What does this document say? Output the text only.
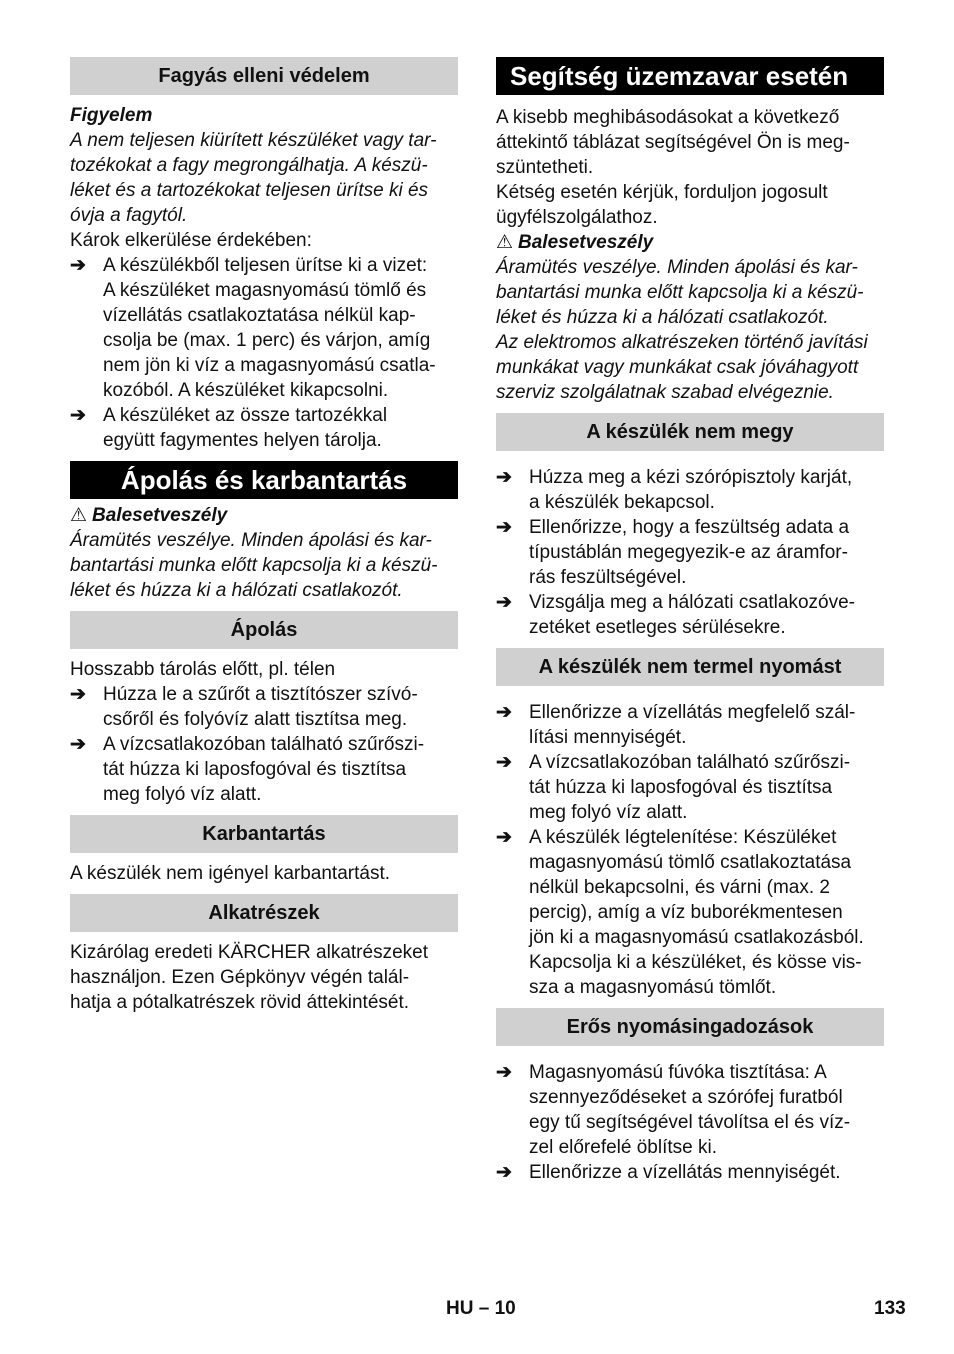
Fagyás elleni védelem

Figyelem

A nem teljesen kiürített készüléket vagy tar-

tozékokat a fagy megrongálhatja. A készü-

léket és a tartozékokat teljesen ürítse ki és

óvja a fagytól.

Károk elkerülése érdekében:

➔ A készülékből teljesen ürítse ki a vizet:
A készüléket magasnyomású tömlő és
vízellátás csatlakoztatása nélkül kap-
csolja be (max. 1 perc) és várjon, amíg
nem jön ki víz a magasnyomású csatla-
kozóból. A készüléket kikapcsolni.
➔ A készüléket az össze tartozékkal
együtt fagymentes helyen tárolja.
Ápolás és karbantartás

⚠ Balesetveszély

Áramütés veszélye. Minden ápolási és kar-

bantartási munka előtt kapcsolja ki a készü-

léket és húzza ki a hálózati csatlakozót.

Ápolás

Hosszabb tárolás előtt, pl. télen

➔ Húzza le a szűrőt a tisztítószer szívó-
csőről és folyóvíz alatt tisztítsa meg.
➔ A vízcsatlakozóban található szűrőszi-
tát húzza ki laposfogóval és tisztítsa
meg folyó víz alatt.
Karbantartás

A készülék nem igényel karbantartást.

Alkatrészek

Kizárólag eredeti KÄRCHER alkatrészeket

használjon. Ezen Gépkönyv végén talál-

hatja a pótalkatrészek rövid áttekintését.

Segítség üzemzavar esetén

A kisebb meghibásodásokat a következő

áttekintő táblázat segítségével Ön is meg-

szüntetheti.

Kétség esetén kérjük, forduljon jogosult

ügyfélszolgálathoz.

⚠ Balesetveszély

Áramütés veszélye. Minden ápolási és kar-

bantartási munka előtt kapcsolja ki a készü-

léket és húzza ki a hálózati csatlakozót.

Az elektromos alkatrészeken történő javítási

munkákat vagy munkákat csak jóváhagyott

szerviz szolgálatnak szabad elvégeznie.

A készülék nem megy
➔ Húzza meg a kézi szórópisztoly karját,
a készülék bekapcsol.
➔ Ellenőrizze, hogy a feszültség adata a
típustáblán megegyezik-e az áramfor-
rás feszültségével.
➔ Vizsgálja meg a hálózati csatlakozóve-
zetéket esetleges sérülésekre.
A készülék nem termel nyomást
➔ Ellenőrizze a vízellátás megfelelő szál-
lítási mennyiségét.
➔ A vízcsatlakozóban található szűrőszi-
tát húzza ki laposfogóval és tisztítsa
meg folyó víz alatt.
➔ A készülék légtelenítése: Készüléket
magasnyomású tömlő csatlakoztatása
nélkül bekapcsolni, és várni (max. 2
percig), amíg a víz buborékmentesen
jön ki a magasnyomású csatlakozásból.
Kapcsolja ki a készüléket, és kösse vis-
sza a magasnyomású tömlőt.
Erős nyomásingadozások
➔ Magasnyomású fúvóka tisztítása: A
szennyeződéseket a szórófej furatból
egy tű segítségével távolítsa el és víz-
zel előrefelé öblítse ki.
➔ Ellenőrizze a vízellátás mennyiségét.
HU – 10	133
